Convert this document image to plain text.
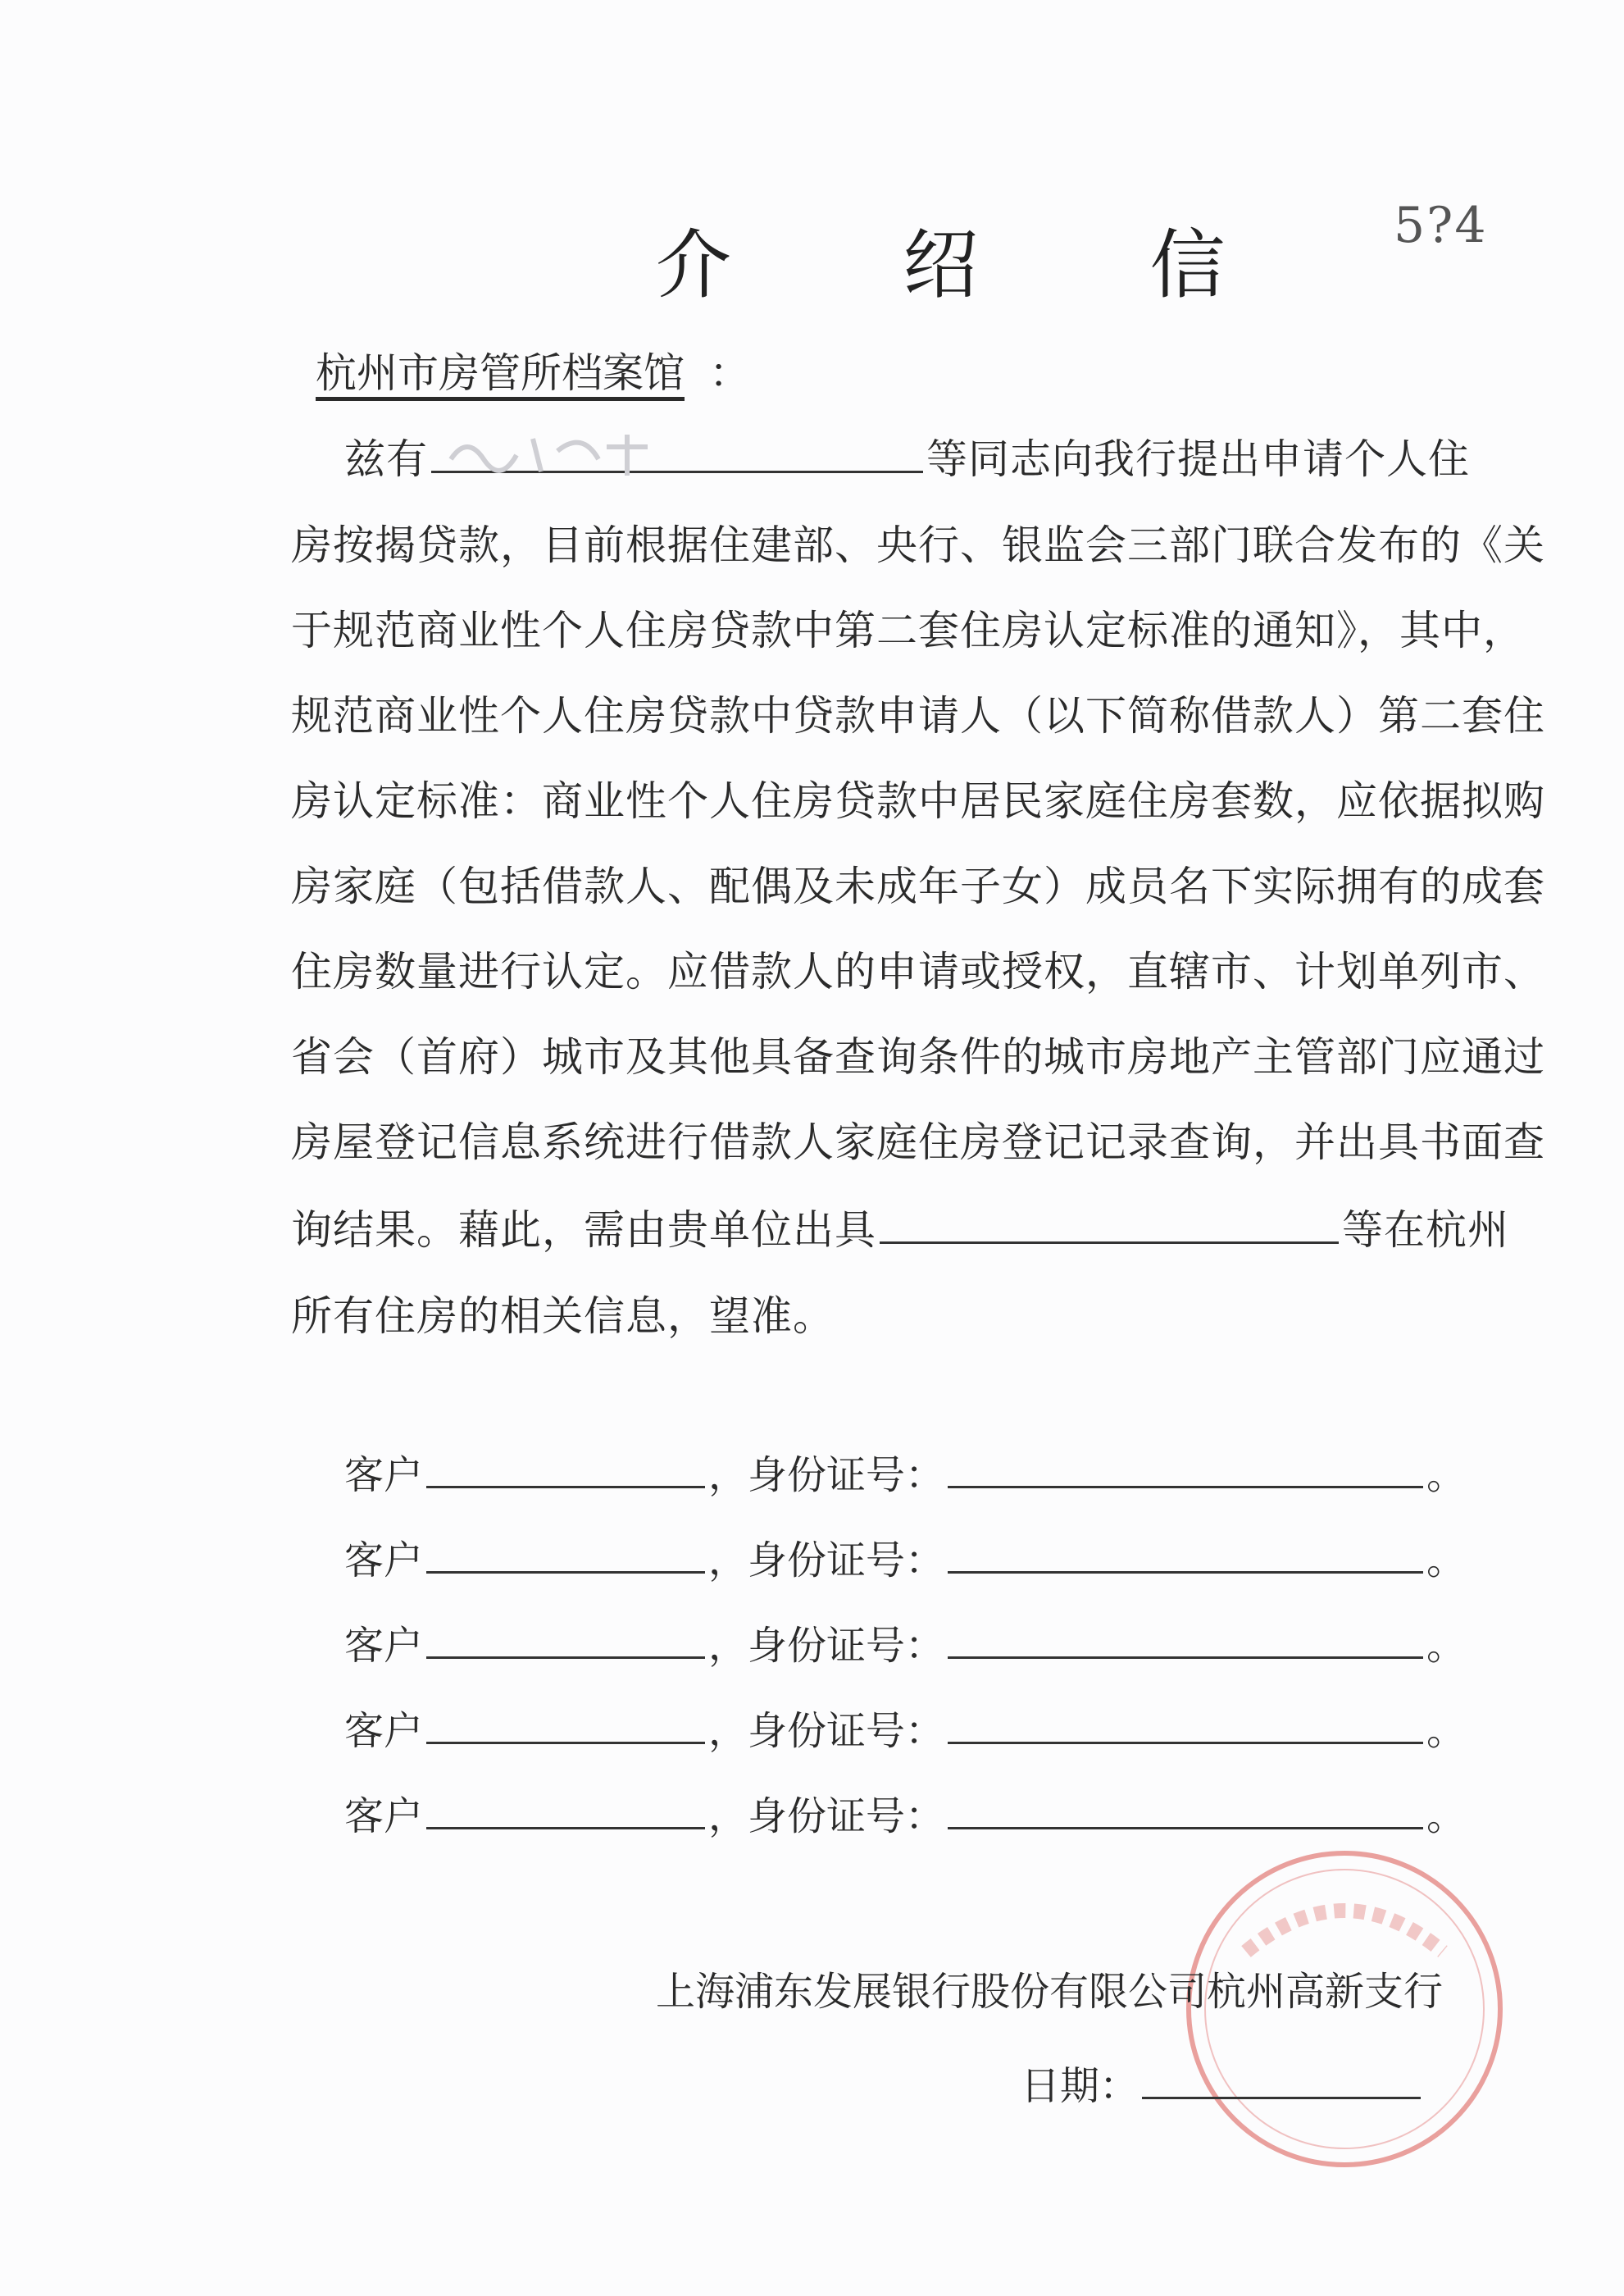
5?4
介 绍 信
杭州市房管所档案馆 ：
兹有	等同志向我行提出申请个人住
房按揭贷款，目前根据住建部、央行、银监会三部门联合发布的《关
于规范商业性个人住房贷款中第二套住房认定标准的通知》，其中，
规范商业性个人住房贷款中贷款申请人（以下简称借款人）第二套住
房认定标准：商业性个人住房贷款中居民家庭住房套数，应依据拟购
房家庭（包括借款人、配偶及未成年子女）成员名下实际拥有的成套
住房数量进行认定。应借款人的申请或授权，直辖市、计划单列市、
省会（首府）城市及其他具备查询条件的城市房地产主管部门应通过
房屋登记信息系统进行借款人家庭住房登记记录查询，并出具书面查
询结果。藉此，需由贵单位出具	等在杭州
所有住房的相关信息，望准。
客户	，身份证号：	。
客户	，身份证号：	。
客户	，身份证号：	。
客户	，身份证号：	。
客户	，身份证号：	。
上海浦东发展银行股份有限公司杭州高新支行
日期：
